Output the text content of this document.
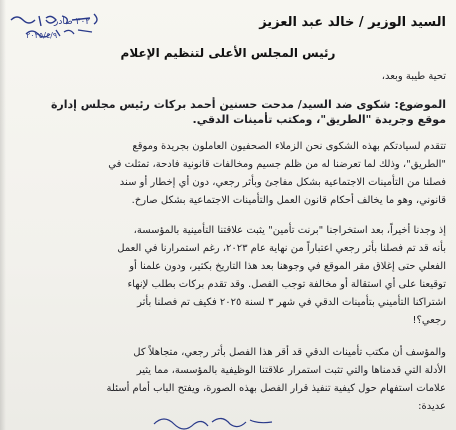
٣٠٢ صادر
٢٠٢٥/٤/٩
السيد الوزير / خالد عبد العزيز
رئيس المجلس الأعلى لتنظيم الإعلام
تحية طيبة وبعد،
الموضوع: شكوى ضد السيد/ مدحت حسنين أحمد بركات رئيس مجلس إدارة
موقع وجريدة "الطريق"، ومكتب تأمينات الدقي.
تتقدم لسيادتكم بهذه الشكوى نحن الزملاء الصحفيون العاملون بجريدة وموقع
"الطريق"، وذلك لما تعرضنا له من ظلم جسيم ومخالفات قانونية فادحة، تمثلت في
فصلنا من التأمينات الاجتماعية بشكل مفاجئ وبأثر رجعي، دون أي إخطار أو سند
قانوني، وهو ما يخالف أحكام قانون العمل والتأمينات الاجتماعية بشكل صارخ.
إذ وجدنا أخيراً، بعد استخراجنا "برنت تأمين" يثبت علاقتنا التأمينية بالمؤسسة،
بأنه قد تم فصلنا بأثر رجعي اعتباراً من نهاية عام ٢٠٢٣، رغم استمرارنا في العمل
الفعلي حتى إغلاق مقر الموقع في وجوهنا بعد هذا التاريخ بكثير، ودون علمنا أو
توقيعنا على أي استقالة أو مخالفة توجب الفصل. وقد تقدم بركات بطلب لإنهاء
اشتراكنا التأميني بتأمينات الدقي في شهر ٣ لسنة ٢٠٢٥ فكيف تم فصلنا بأثر
رجعي؟!
والمؤسف أن مكتب تأمينات الدقي قد أقر هذا الفصل بأثر رجعي، متجاهلاً كل
الأدلة التي قدمناها والتي تثبت استمرار علاقتنا الوظيفية بالمؤسسة، مما يثير
علامات استفهام حول كيفية تنفيذ قرار الفصل بهذه الصورة، ويفتح الباب أمام أسئلة
عديدة:
